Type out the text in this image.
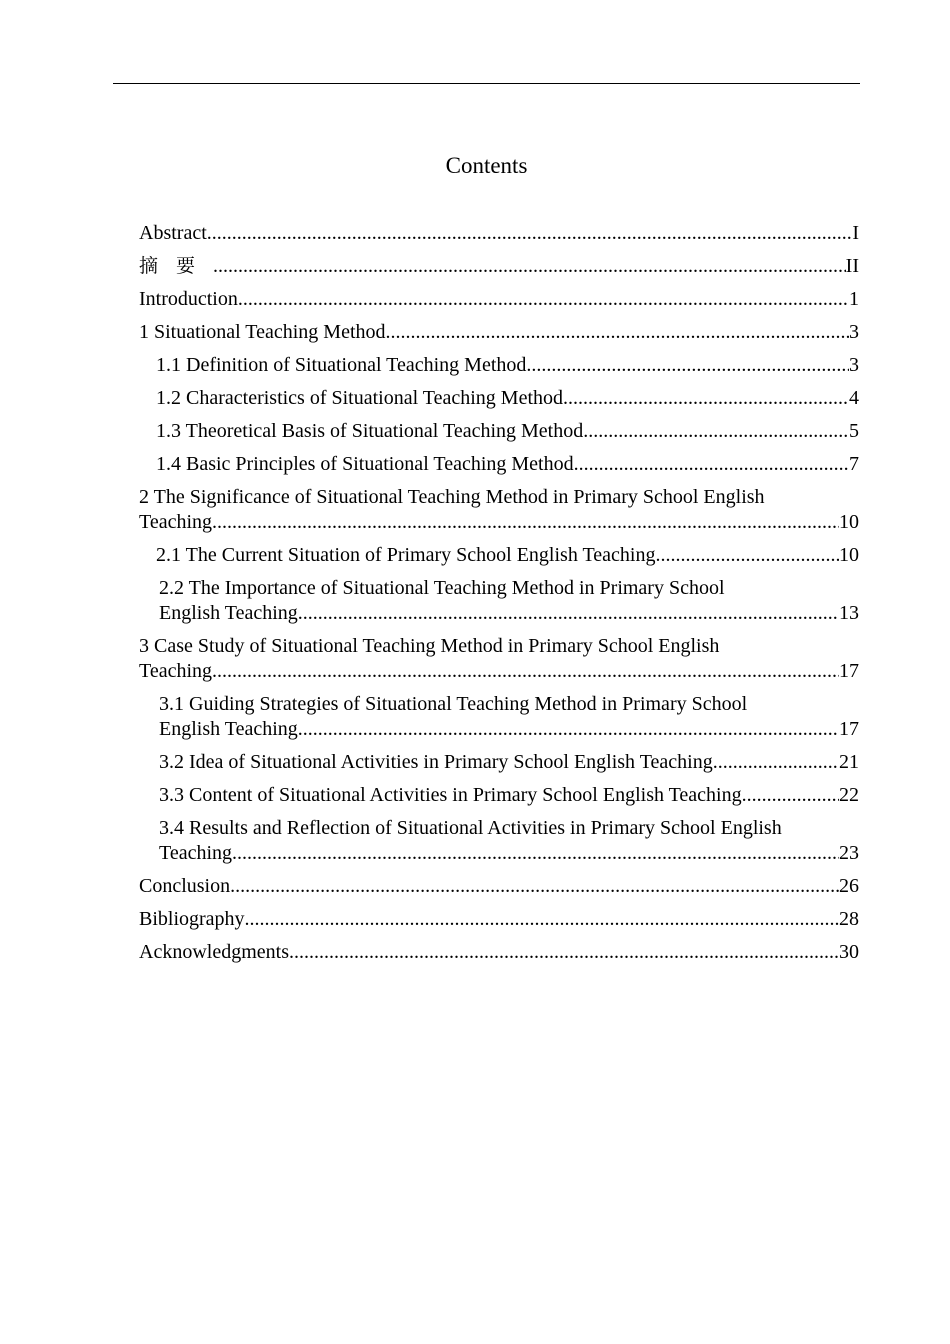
Contents
Abstract .....	I
摘要 .....	II
Introduction .....	1
1 Situational Teaching Method .....	3
1.1 Definition of Situational Teaching Method .....	3
1.2 Characteristics of Situational Teaching Method .....	4
1.3 Theoretical Basis of Situational Teaching Method .....	5
1.4 Basic Principles of Situational Teaching Method .....	7
2 The Significance of Situational Teaching Method in Primary School English
Teaching .....	10
2.1 The Current Situation of Primary School English Teaching .....	10
2.2 The Importance of Situational Teaching Method in Primary School
English Teaching .....	13
3 Case Study of Situational Teaching Method in Primary School English
Teaching .....	17
3.1 Guiding Strategies of Situational Teaching Method in Primary School
English Teaching .....	17
3.2 Idea of Situational Activities in Primary School English Teaching .....	21
3.3 Content of Situational Activities in Primary School English Teaching .....	22
3.4 Results and Reflection of Situational Activities in Primary School English
Teaching .....	23
Conclusion .....	26
Bibliography .....	28
Acknowledgments .....	30
